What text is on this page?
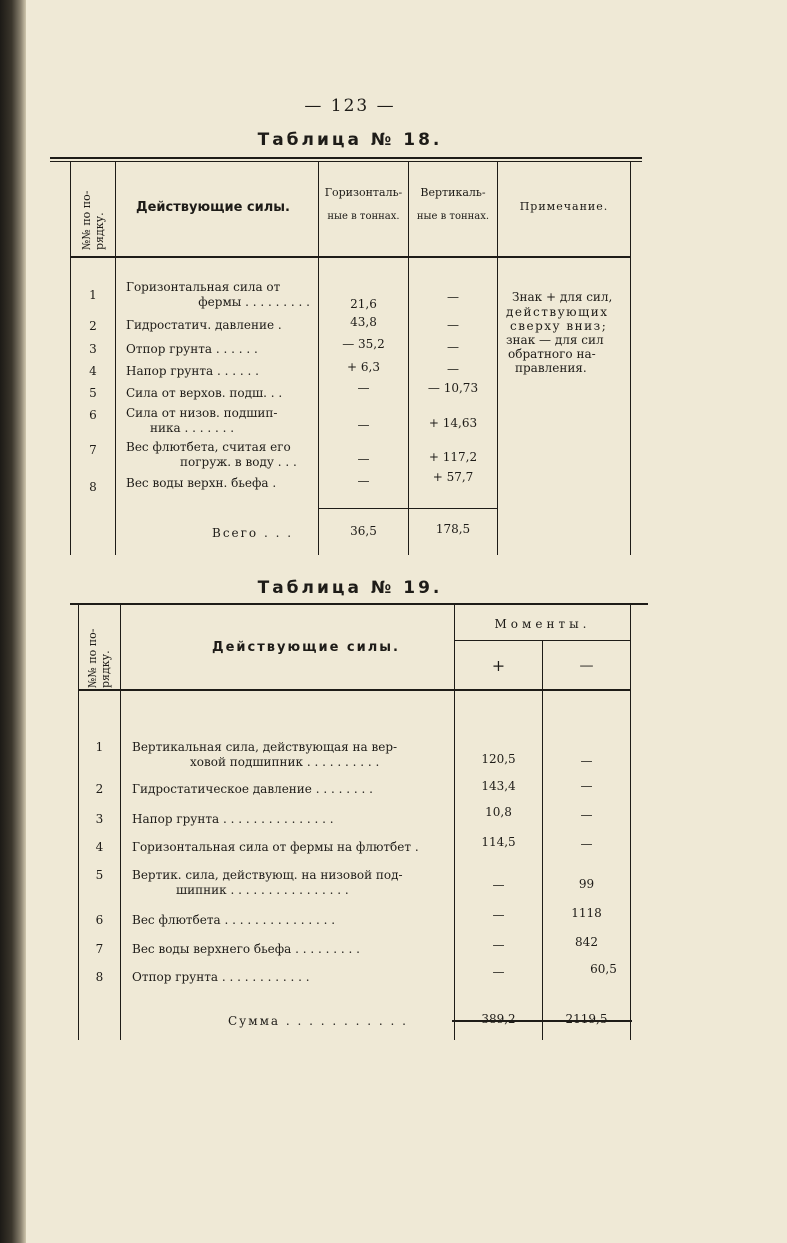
— 123 —
Таблица № 18.
№№ по по-рядку.
Действующие силы.
Горизонталь-
ные в тоннах.
Вертикаль-
ные в тоннах.
Примечание.
1
Горизонтальная сила от
фермы . . . . . . . . .	21,6	—
2	Гидростатич. давление .	43,8	—
3	Отпор грунта . . . . . .	— 35,2	—
4	Напор грунта . . . . . .	+ 6,3	—
5	Сила от верхов. подш. . .	—	— 10,73
6	Сила от низов. подшип-
ника . . . . . . .	—	+ 14,63
7	Вес флютбета, считая его
погруж. в воду . . .	—	+ 117,2
8	Вес воды верхн. бьефа .	—	+ 57,7
Знак + для сил,
действующих
сверху вниз;
знак — для сил
обратного на-
правления.
Всего . . .	36,5	178,5
Таблица № 19.
№№ по по-рядку.
Действующие силы.
Моменты.
+	—
1	Вертикальная сила, действующая на вер-
ховой подшипник . . . . . . . . . .	120,5	—
2	Гидростатическое давление . . . . . . . .	143,4	—
3	Напор грунта . . . . . . . . . . . . . . .	10,8	—
4	Горизонтальная сила от фермы на флютбет .	114,5	—
5	Вертик. сила, действующ. на низовой под-
шипник . . . . . . . . . . . . . . . .	—	99
6	Вес флютбета . . . . . . . . . . . . . . .	—	1118
7	Вес воды верхнего бьефа . . . . . . . . .	—	842
8	Отпор грунта . . . . . . . . . . . .	—	60,5
Сумма . . . . . . . . . . .	389,2	2119,5
